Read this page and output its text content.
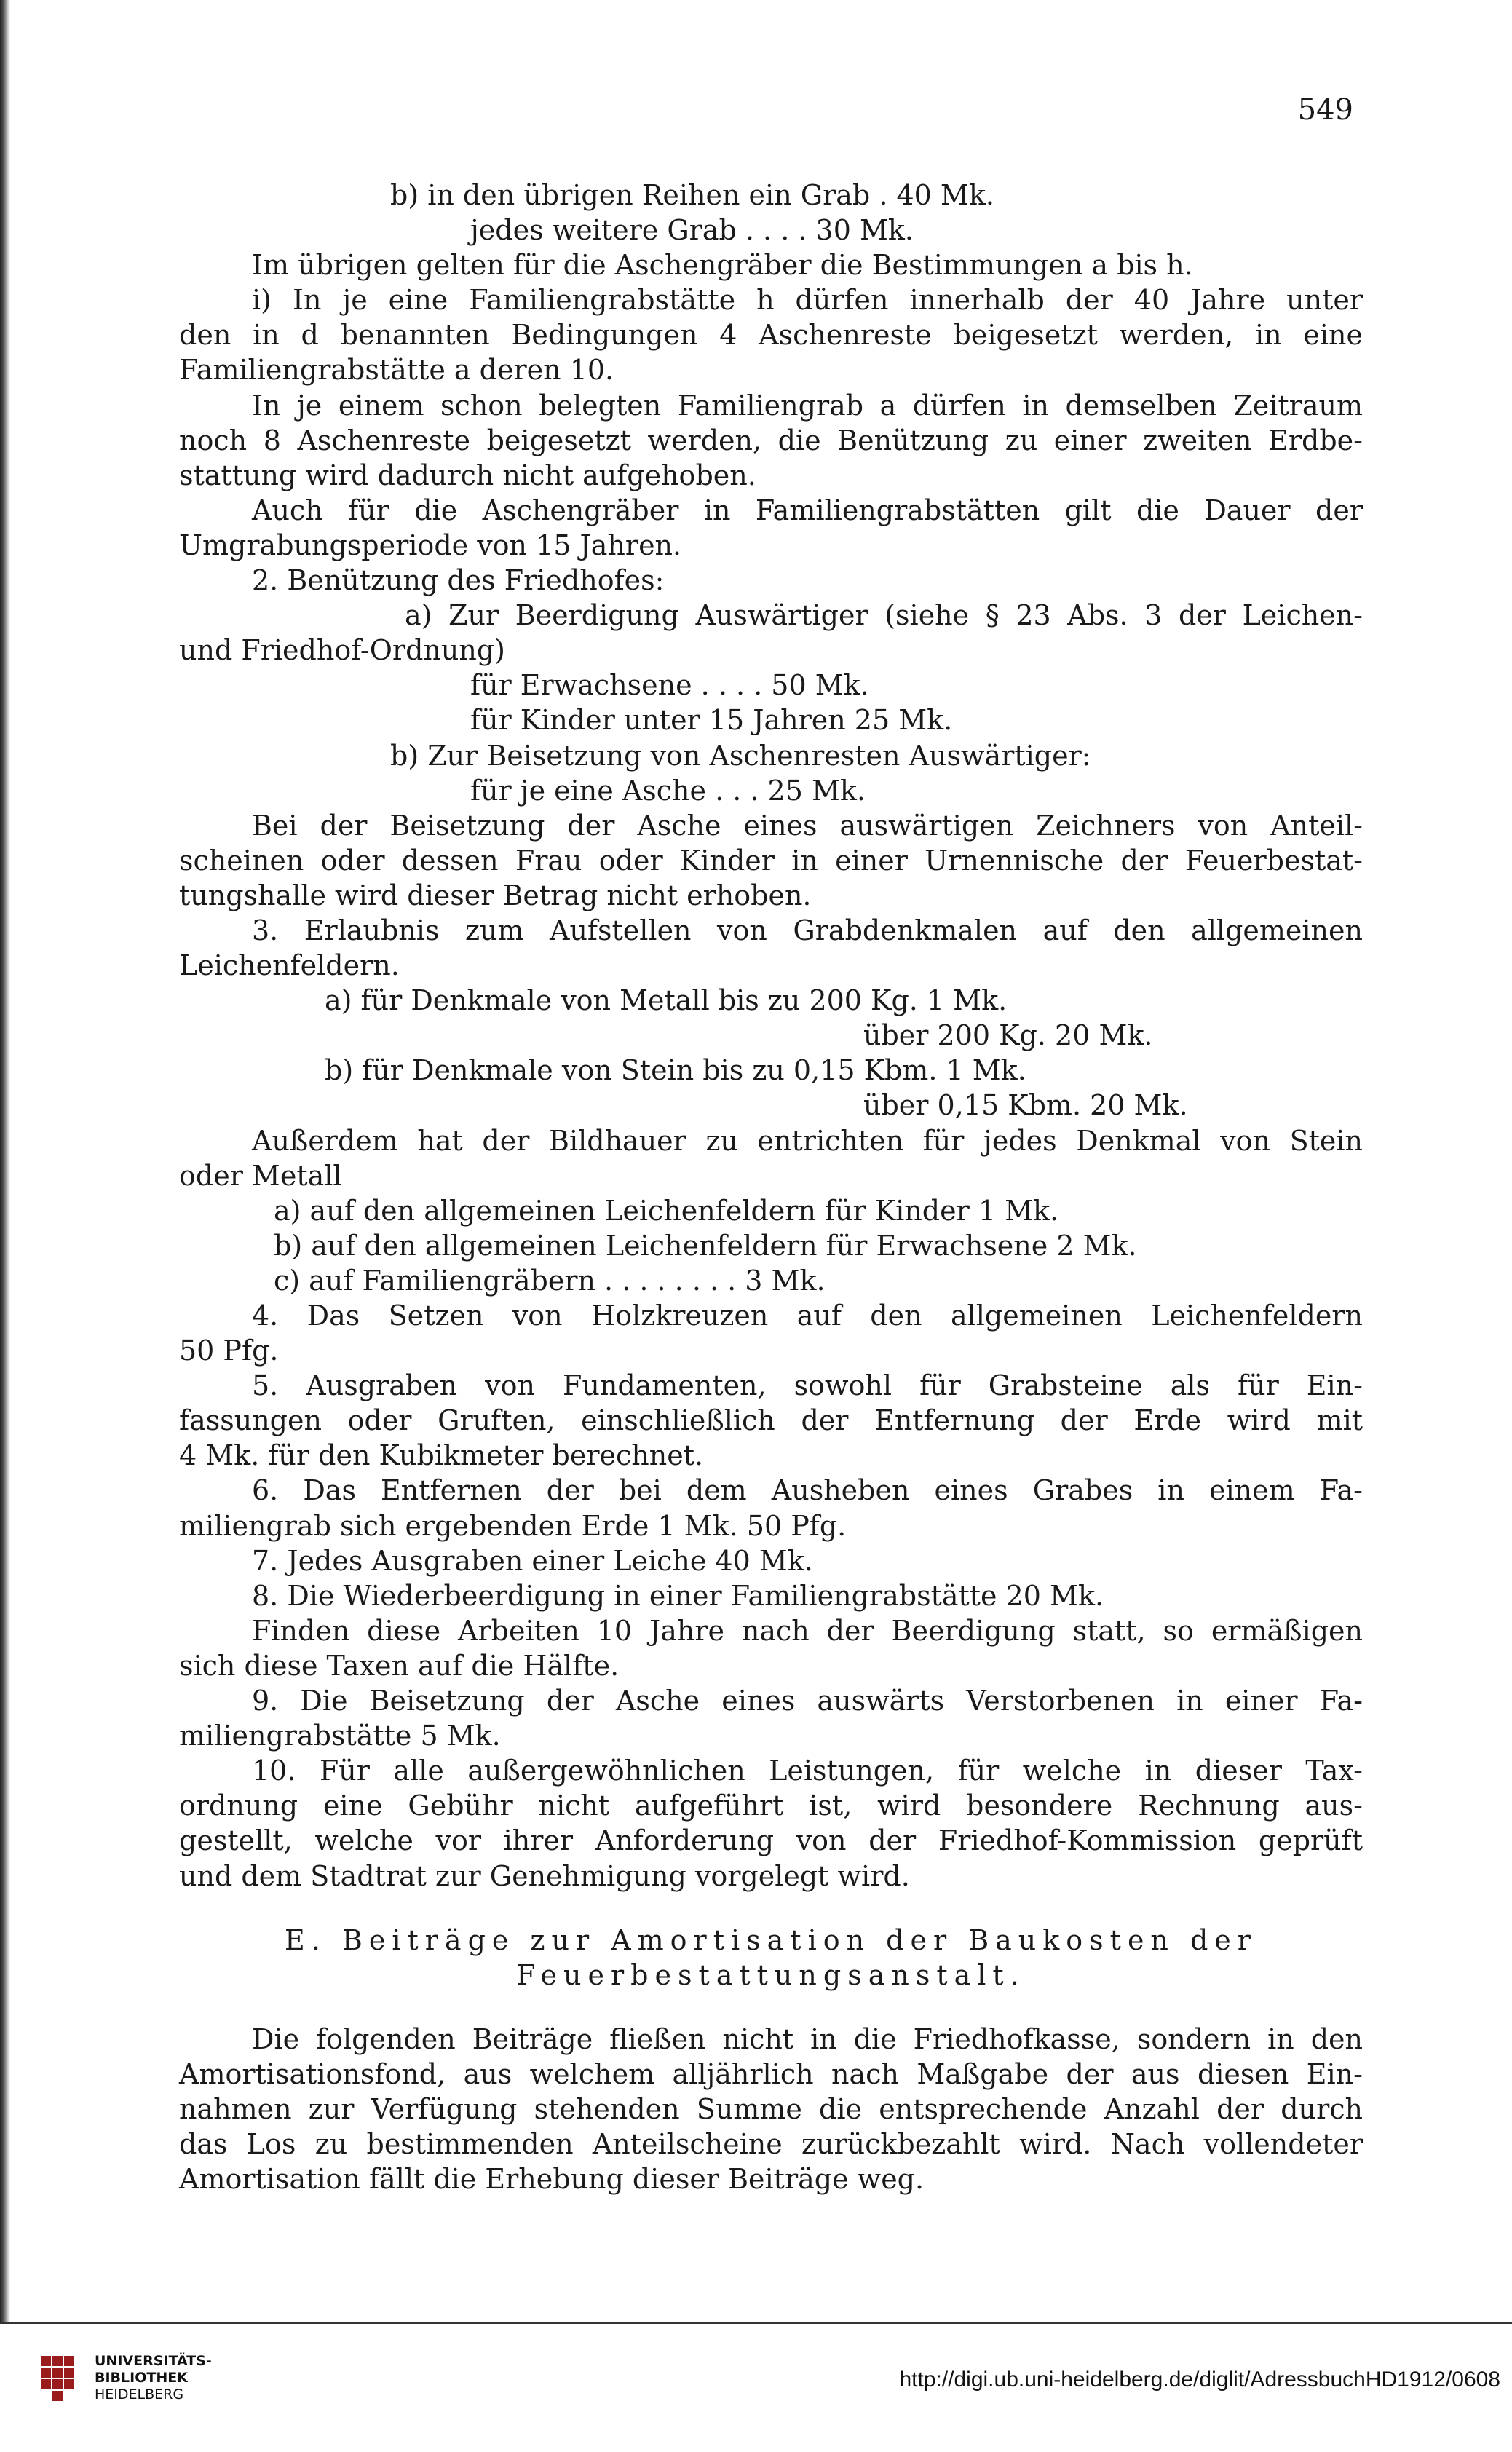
549
b) in den übrigen Reihen ein Grab . 40 Mk.
jedes weitere Grab . . . . 30 Mk.
Im übrigen gelten für die Aschengräber die Bestimmungen a bis h.
i) In je eine Familiengrabstätte h dürfen innerhalb der 40 Jahre unter
den in d benannten Bedingungen 4 Aschenreste beigesetzt werden, in eine
Familiengrabstätte a deren 10.
In je einem schon belegten Familiengrab a dürfen in demselben Zeitraum
noch 8 Aschenreste beigesetzt werden, die Benützung zu einer zweiten Erdbe-
stattung wird dadurch nicht aufgehoben.
Auch für die Aschengräber in Familiengrabstätten gilt die Dauer der
Umgrabungsperiode von 15 Jahren.
2. Benützung des Friedhofes:
a) Zur Beerdigung Auswärtiger (siehe § 23 Abs. 3 der Leichen-
und Friedhof-Ordnung)
für Erwachsene . . . . 50 Mk.
für Kinder unter 15 Jahren 25 Mk.
b) Zur Beisetzung von Aschenresten Auswärtiger:
für je eine Asche . . . 25 Mk.
Bei der Beisetzung der Asche eines auswärtigen Zeichners von Anteil-
scheinen oder dessen Frau oder Kinder in einer Urnennische der Feuerbestat-
tungshalle wird dieser Betrag nicht erhoben.
3. Erlaubnis zum Aufstellen von Grabdenkmalen auf den allgemeinen
Leichenfeldern.
a) für Denkmale von Metall bis zu 200 Kg. 1 Mk.
über 200 Kg. 20 Mk.
b) für Denkmale von Stein bis zu 0,15 Kbm. 1 Mk.
über 0,15 Kbm. 20 Mk.
Außerdem hat der Bildhauer zu entrichten für jedes Denkmal von Stein
oder Metall
a) auf den allgemeinen Leichenfeldern für Kinder 1 Mk.
b) auf den allgemeinen Leichenfeldern für Erwachsene 2 Mk.
c) auf Familiengräbern . . . . . . . . 3 Mk.
4. Das Setzen von Holzkreuzen auf den allgemeinen Leichenfeldern
50 Pfg.
5. Ausgraben von Fundamenten, sowohl für Grabsteine als für Ein-
fassungen oder Gruften, einschließlich der Entfernung der Erde wird mit
4 Mk. für den Kubikmeter berechnet.
6. Das Entfernen der bei dem Ausheben eines Grabes in einem Fa-
miliengrab sich ergebenden Erde 1 Mk. 50 Pfg.
7. Jedes Ausgraben einer Leiche 40 Mk.
8. Die Wiederbeerdigung in einer Familiengrabstätte 20 Mk.
Finden diese Arbeiten 10 Jahre nach der Beerdigung statt, so ermäßigen
sich diese Taxen auf die Hälfte.
9. Die Beisetzung der Asche eines auswärts Verstorbenen in einer Fa-
miliengrabstätte 5 Mk.
10. Für alle außergewöhnlichen Leistungen, für welche in dieser Tax-
ordnung eine Gebühr nicht aufgeführt ist, wird besondere Rechnung aus-
gestellt, welche vor ihrer Anforderung von der Friedhof-Kommission geprüft
und dem Stadtrat zur Genehmigung vorgelegt wird.
E. Beiträge zur Amortisation der Baukosten der
Feuerbestattungsanstalt.
Die folgenden Beiträge fließen nicht in die Friedhofkasse, sondern in den
Amortisationsfond, aus welchem alljährlich nach Maßgabe der aus diesen Ein-
nahmen zur Verfügung stehenden Summe die entsprechende Anzahl der durch
das Los zu bestimmenden Anteilscheine zurückbezahlt wird. Nach vollendeter
Amortisation fällt die Erhebung dieser Beiträge weg.
UNIVERSITÄTS-
BIBLIOTHEK
HEIDELBERG
http://digi.ub.uni-heidelberg.de/diglit/AdressbuchHD1912/0608
